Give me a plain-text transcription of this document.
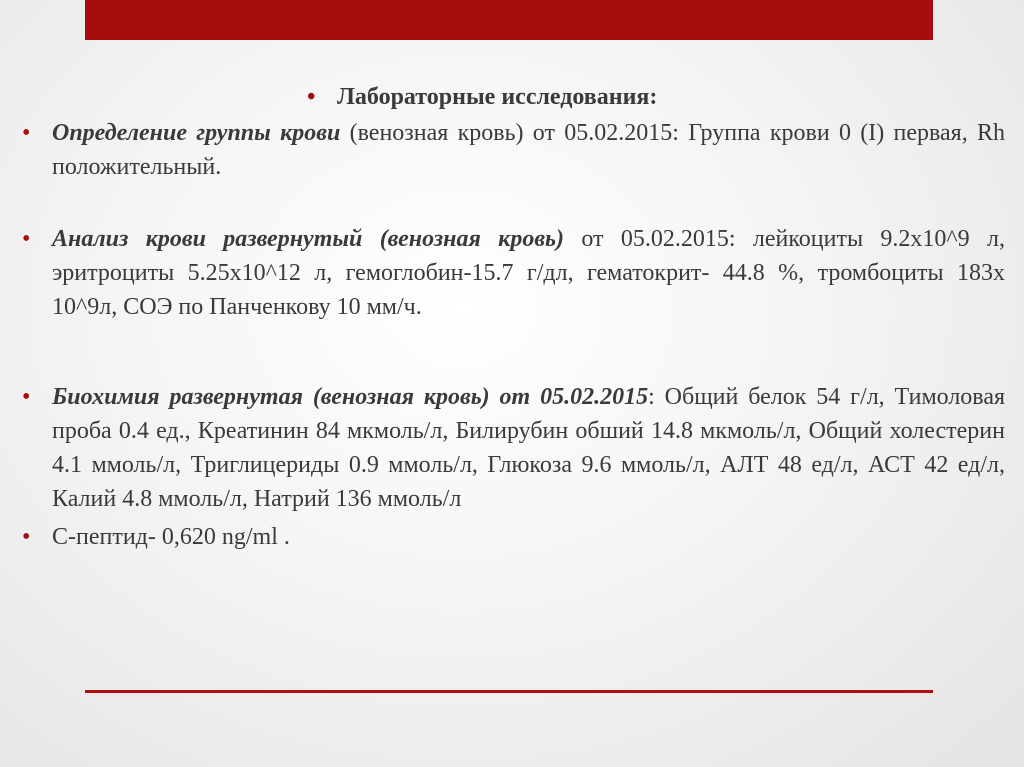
• Лабораторные исследования:
• Определение группы крови (венозная кровь) от 05.02.2015: Группа крови 0 (I) первая, Rh положительный.
• Анализ крови развернутый (венозная кровь) от 05.02.2015: лейкоциты 9.2x10^9 л, эритроциты 5.25x10^12 л, гемоглобин-15.7 г/дл, гематокрит- 44.8 %, тромбоциты 183x 10^9л, СОЭ по Панченкову 10 мм/ч.
• Биохимия развернутая (венозная кровь) от 05.02.2015: Общий белок 54 г/л, Тимоловая проба 0.4 ед., Креатинин 84 мкмоль/л, Билирубин обший 14.8 мкмоль/л, Общий холестерин 4.1 ммоль/л, Триглицериды 0.9 ммоль/л, Глюкоза 9.6 ммоль/л, АЛТ 48 ед/л, АСТ 42 ед/л, Калий 4.8 ммоль/л, Натрий 136 ммоль/л
• С-пептид- 0,620 ng/ml .
